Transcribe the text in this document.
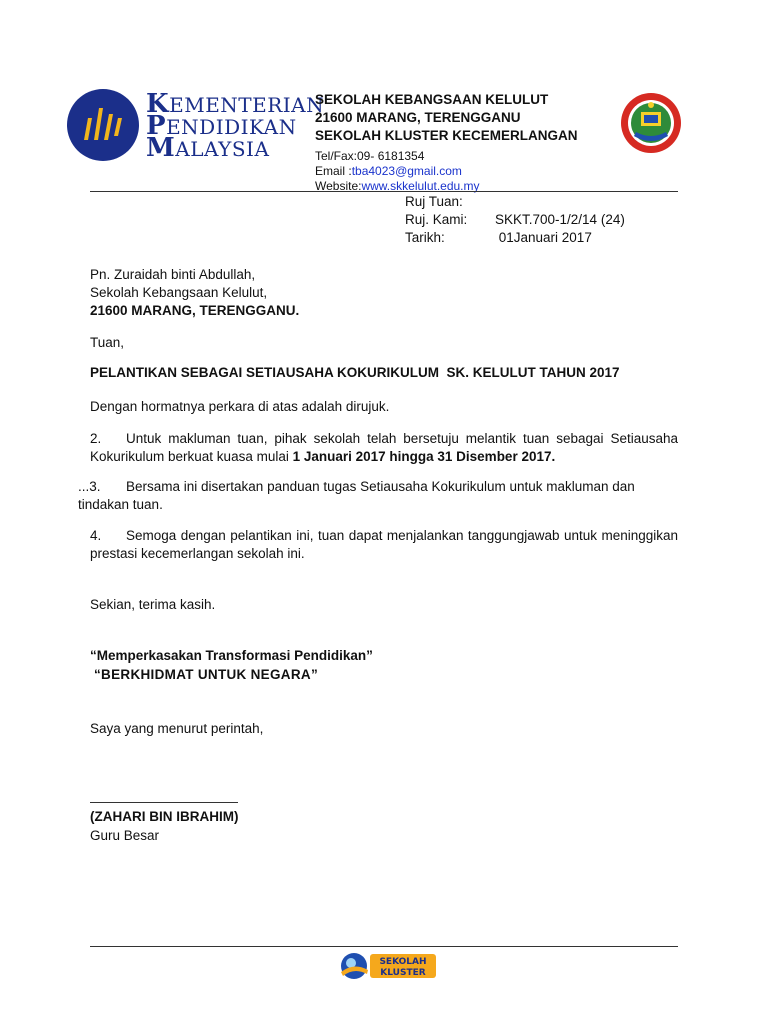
KEMENTERIAN
PENDIDIKAN
MALAYSIA
SEKOLAH KEBANGSAAN KELULUT
21600 MARANG, TERENGGANU
SEKOLAH KLUSTER KECEMERLANGAN
Tel/Fax:09- 6181354
Email :tba4023@gmail.com
Website:www.skkelulut.edu.my
Ruj Tuan:
Ruj. Kami:	SKKT.700-1/2/14 (24)
Tarikh:	01Januari 2017
Pn. Zuraidah binti Abdullah,
Sekolah Kebangsaan Kelulut,
21600 MARANG, TERENGGANU.
Tuan,
PELANTIKAN SEBAGAI SETIAUSAHA KOKURIKULUM  SK. KELULUT TAHUN 2017
Dengan hormatnya perkara di atas adalah dirujuk.
2. Untuk makluman tuan, pihak sekolah telah bersetuju melantik tuan sebagai Setiausaha Kokurikulum berkuat kuasa mulai 1 Januari 2017 hingga 31 Disember 2017.
...3. Bersama ini disertakan panduan tugas Setiausaha Kokurikulum untuk makluman dan tindakan tuan.
4. Semoga dengan pelantikan ini, tuan dapat menjalankan tanggungjawab untuk meninggikan prestasi kecemerlangan sekolah ini.
Sekian, terima kasih.
“Memperkasakan Transformasi Pendidikan”
“BERKHIDMAT UNTUK NEGARA”
Saya yang menurut perintah,
(ZAHARI BIN IBRAHIM)
Guru Besar
SEKOLAH
KLUSTER
